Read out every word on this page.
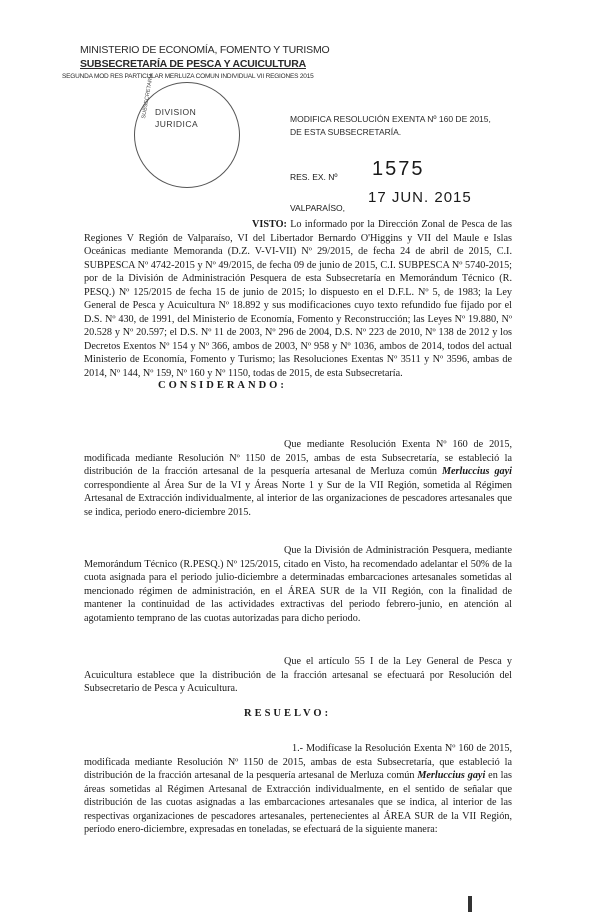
MINISTERIO DE ECONOMÍA, FOMENTO Y TURISMO
SUBSECRETARÍA DE PESCA Y ACUICULTURA
SEGUNDA MOD RES PARTICULAR MERLUZA COMUN INDIVIDUAL VII REGIONES 2015
DIVISION
JURIDICA
SUBSECRETARIA	MODIFICA RESOLUCIÓN EXENTA Nº 160 DE 2015,
DE ESTA SUBSECRETARÍA.
RES. EX. Nº 1575
VALPARAÍSO,
17 JUN. 2015

VISTO: Lo informado por la Dirección Zonal de Pesca de las Regiones V Región de Valparaíso, VI del Libertador Bernardo O'Higgins y VII del Maule e Islas Oceánicas mediante Memoranda (D.Z. V-VI-VII) Nº 29/2015, de fecha 24 de abril de 2015, C.I. SUBPESCA Nº 4742-2015 y Nº 49/2015, de fecha 09 de junio de 2015, C.I. SUBPESCA Nº 5740-2015; por de la División de Administración Pesquera de esta Subsecretaría en Memorándum Técnico (R. PESQ.) Nº 125/2015 de fecha 15 de junio de 2015; lo dispuesto en el D.F.L. Nº 5, de 1983; la Ley General de Pesca y Acuicultura Nº 18.892 y sus modificaciones cuyo texto refundido fue fijado por el D.S. Nº 430, de 1991, del Ministerio de Economía, Fomento y Reconstrucción; las Leyes Nº 19.880, Nº 20.528 y Nº 20.597; el D.S. Nº 11 de 2003, Nº 296 de 2004, D.S. Nº 223 de 2010, Nº 138 de 2012 y los Decretos Exentos Nº 154 y Nº 366, ambos de 2003, Nº 958 y Nº 1036, ambos de 2014, todos del actual Ministerio de Economía, Fomento y Turismo; las Resoluciones Exentas Nº 3511 y Nº 3596, ambas de 2014, Nº 144, Nº 159, Nº 160 y Nº 1150, todas de 2015, de esta Subsecretaría.

CONSIDERANDO:

Que mediante Resolución Exenta Nº 160 de 2015, modificada mediante Resolución Nº 1150 de 2015, ambas de esta Subsecretaría, se estableció la distribución de la fracción artesanal de la pesquería artesanal de Merluza común Merluccius gayi correspondiente al Área Sur de la VI y Áreas Norte 1 y Sur de la VII Región, sometida al Régimen Artesanal de Extracción individualmente, al interior de las organizaciones de pescadores artesanales que se indica, periodo enero-diciembre 2015.

Que la División de Administración Pesquera, mediante Memorándum Técnico (R.PESQ.) Nº 125/2015, citado en Visto, ha recomendado adelantar el 50% de la cuota asignada para el periodo julio-diciembre a determinadas embarcaciones artesanales sometidas al mencionado régimen de administración, en el ÁREA SUR de la VII Región, con la finalidad de mantener la continuidad de las actividades extractivas del periodo febrero-junio, en atención al agotamiento temprano de las cuotas autorizadas para dicho periodo.

Que el artículo 55 I de la Ley General de Pesca y Acuicultura establece que la distribución de la fracción artesanal se efectuará por Resolución del Subsecretario de Pesca y Acuicultura.

RESUELVO:

1.- Modifícase la Resolución Exenta Nº 160 de 2015, modificada mediante Resolución Nº 1150 de 2015, ambas de esta Subsecretaría, que estableció la distribución de la fracción artesanal de la pesquería artesanal de Merluza común Merluccius gayi en las áreas sometidas al Régimen Artesanal de Extracción individualmente, en el sentido de señalar que distribución de las cuotas asignadas a las embarcaciones artesanales que se indica, al interior de las respectivas organizaciones de pescadores artesanales, pertenecientes al ÁREA SUR de la VII Región, período enero-diciembre, expresadas en toneladas, se efectuará de la siguiente manera:
